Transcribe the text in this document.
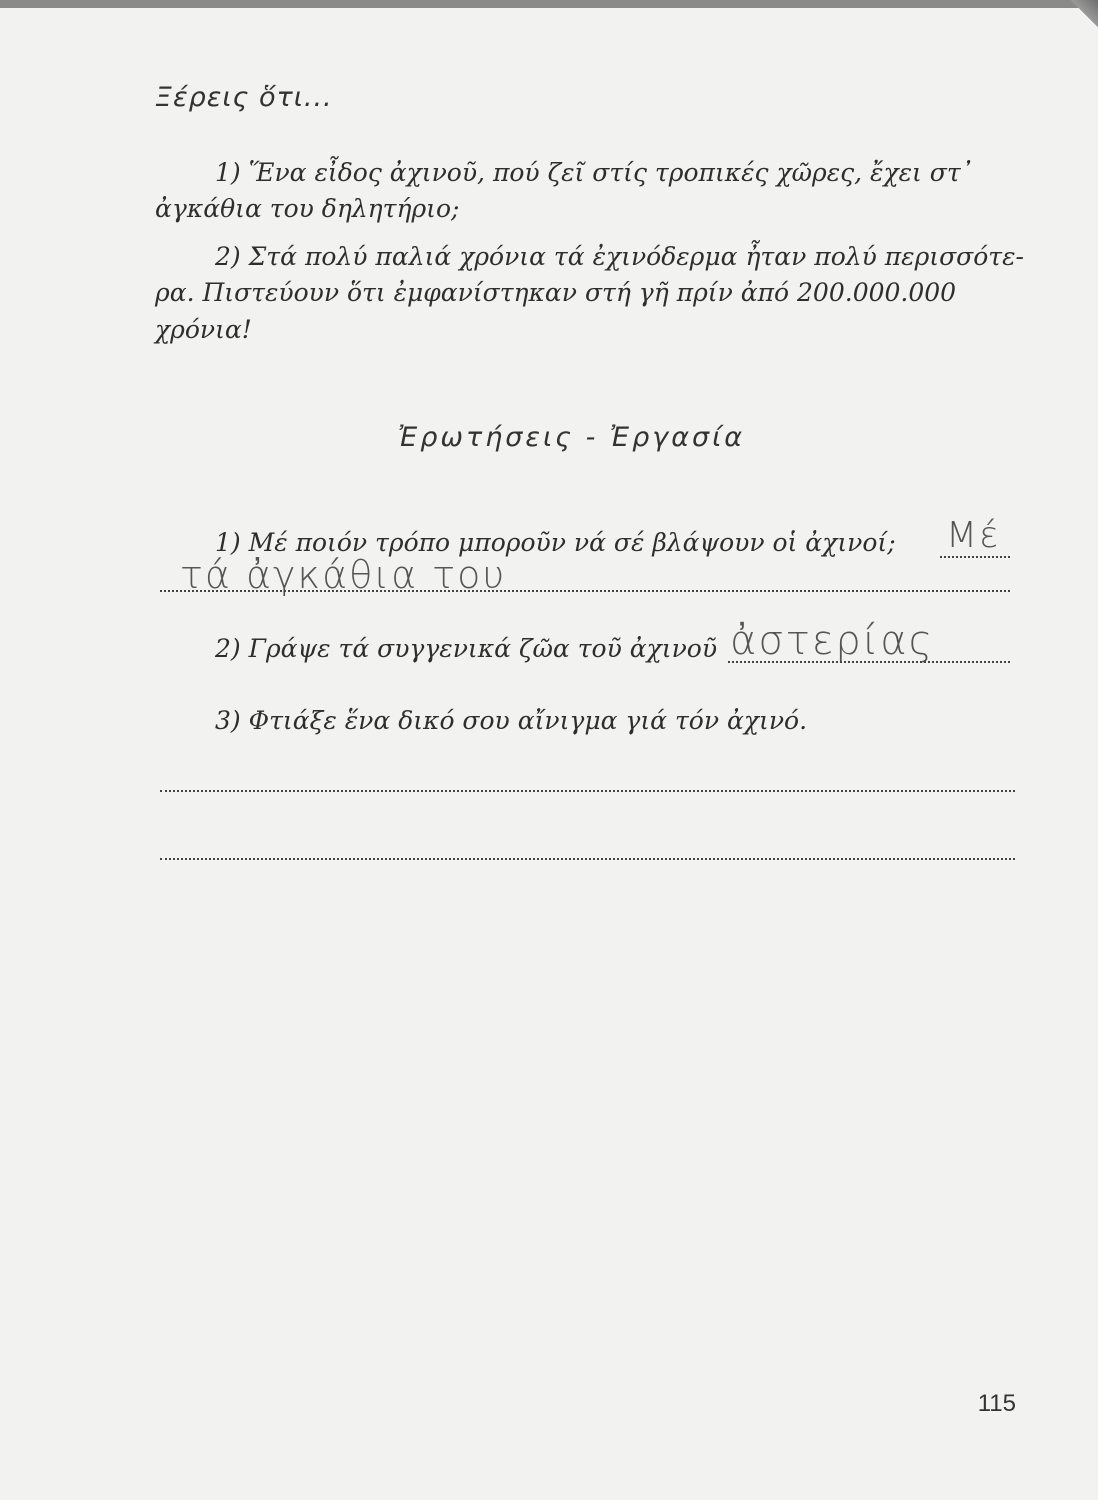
Ξέρεις ὅτι...
1) Ἕνα εἶδος ἀχινοῦ, πού ζεῖ στίς τροπικές χῶρες, ἔχει στ᾽
ἀγκάθια του δηλητήριο;
2) Στά πολύ παλιά χρόνια τά ἐχινόδερμα ἦταν πολύ περισσότε-
ρα. Πιστεύουν ὅτι ἐμφανίστηκαν στή γῆ πρίν ἀπό 200.000.000
χρόνια!
Ἐρωτήσεις - Ἐργασία
1) Μέ ποιόν τρόπο μποροῦν νά σέ βλάψουν οἱ ἀχινοί; Μέ
τά ἀγκάθια του
2) Γράψε τά συγγενικά ζῶα τοῦ ἀχινοῦ ἀστερίας
3) Φτιάξε ἕνα δικό σου αἴνιγμα γιά τόν ἀχινό.
115
